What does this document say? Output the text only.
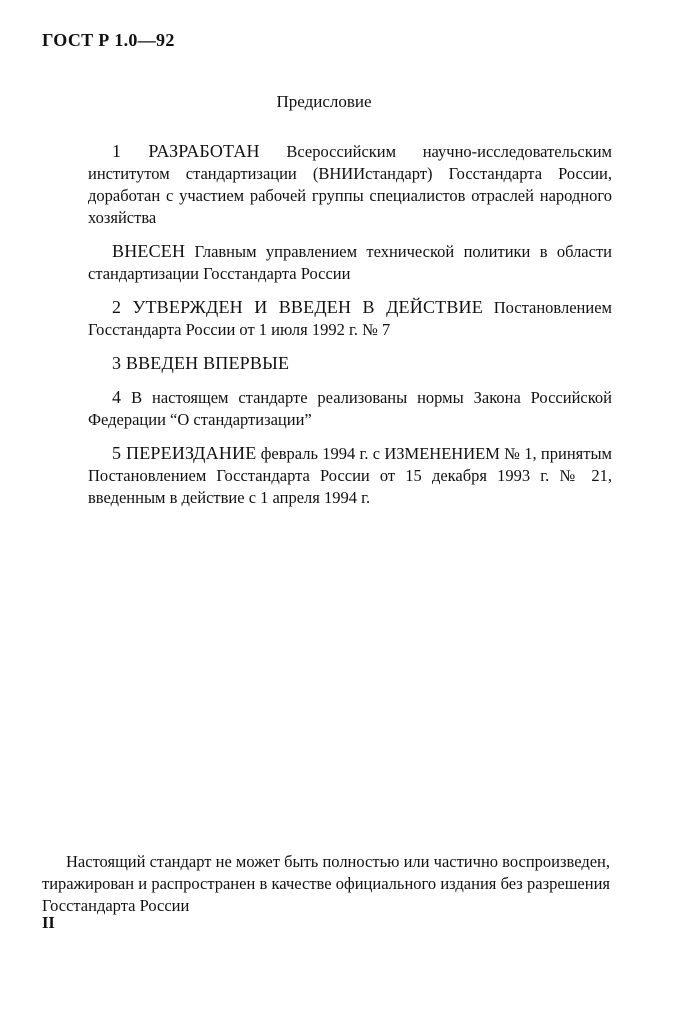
ГОСТ Р 1.0—92
Предисловие

1 РАЗРАБОТАН Всероссийским научно-исследовательским институтом стандартизации (ВНИИстандарт) Госстандарта России, доработан с участием рабочей группы специалистов отраслей народного хозяйства

ВНЕСЕН Главным управлением технической политики в области стандартизации Госстандарта России

2 УТВЕРЖДЕН И ВВЕДЕН В ДЕЙСТВИЕ Постановлением Госстандарта России от 1 июля 1992 г. № 7

3 ВВЕДЕН ВПЕРВЫЕ

4 В настоящем стандарте реализованы нормы Закона Российской Федерации “О стандартизации”

5 ПЕРЕИЗДАНИЕ февраль 1994 г. с ИЗМЕНЕНИЕМ № 1, принятым Постановлением Госстандарта России от 15 декабря 1993 г. № 21, введенным в действие с 1 апреля 1994 г.

Настоящий стандарт не может быть полностью или частично воспроизведен, тиражирован и распространен в качестве официального издания без разрешения Госстандарта России
II
